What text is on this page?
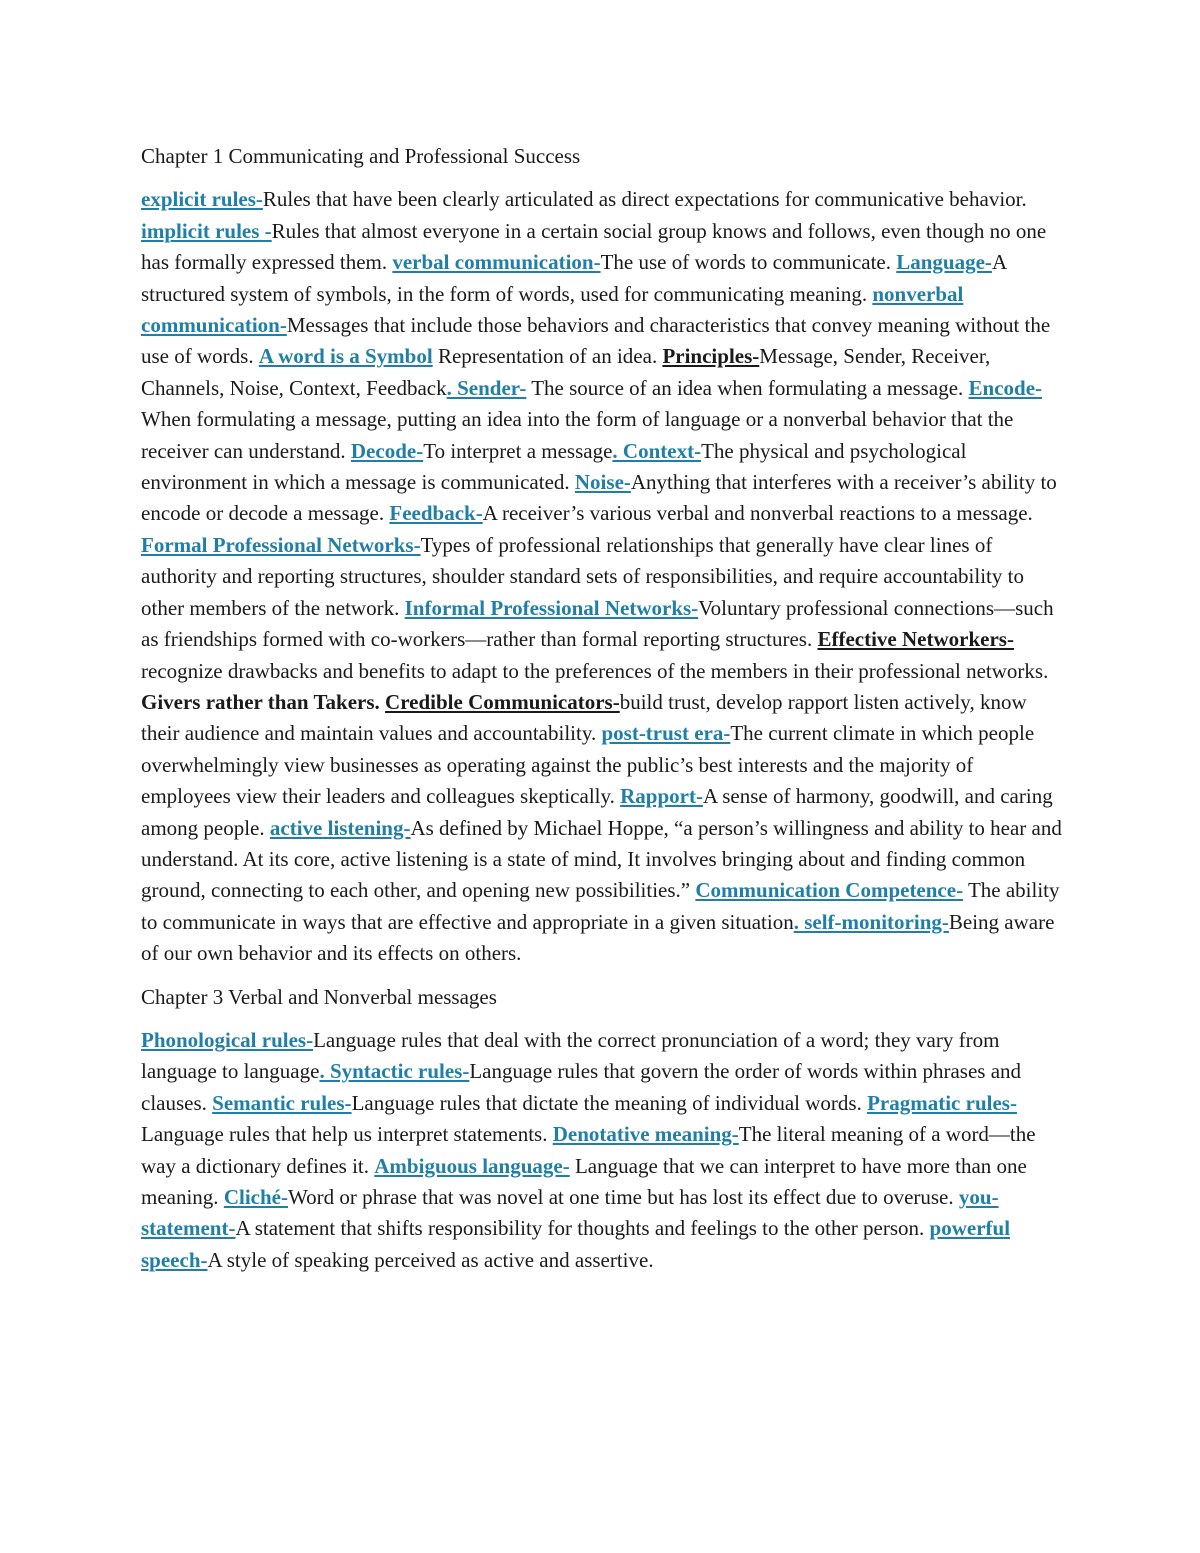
Chapter 1 Communicating and Professional Success

explicit rules-Rules that have been clearly articulated as direct expectations for communicative behavior. implicit rules -Rules that almost everyone in a certain social group knows and follows, even though no one has formally expressed them. verbal communication-The use of words to communicate. Language-A structured system of symbols, in the form of words, used for communicating meaning. nonverbal communication-Messages that include those behaviors and characteristics that convey meaning without the use of words. A word is a Symbol Representation of an idea. Principles-Message, Sender, Receiver, Channels, Noise, Context, Feedback. Sender- The source of an idea when formulating a message. Encode- When formulating a message, putting an idea into the form of language or a nonverbal behavior that the receiver can understand. Decode-To interpret a message. Context-The physical and psychological environment in which a message is communicated. Noise-Anything that interferes with a receiver’s ability to encode or decode a message. Feedback-A receiver’s various verbal and nonverbal reactions to a message. Formal Professional Networks-Types of professional relationships that generally have clear lines of authority and reporting structures, shoulder standard sets of responsibilities, and require accountability to other members of the network. Informal Professional Networks-Voluntary professional connections—such as friendships formed with co-workers—rather than formal reporting structures. Effective Networkers- recognize drawbacks and benefits to adapt to the preferences of the members in their professional networks. Givers rather than Takers. Credible Communicators-build trust, develop rapport listen actively, know their audience and maintain values and accountability. post-trust era-The current climate in which people overwhelmingly view businesses as operating against the public’s best interests and the majority of employees view their leaders and colleagues skeptically. Rapport-A sense of harmony, goodwill, and caring among people. active listening-As defined by Michael Hoppe, “a person’s willingness and ability to hear and understand. At its core, active listening is a state of mind, It involves bringing about and finding common ground, connecting to each other, and opening new possibilities.” Communication Competence- The ability to communicate in ways that are effective and appropriate in a given situation. self-monitoring-Being aware of our own behavior and its effects on others.

Chapter 3 Verbal and Nonverbal messages

Phonological rules-Language rules that deal with the correct pronunciation of a word; they vary from language to language. Syntactic rules-Language rules that govern the order of words within phrases and clauses. Semantic rules-Language rules that dictate the meaning of individual words. Pragmatic rules-Language rules that help us interpret statements. Denotative meaning-The literal meaning of a word—the way a dictionary defines it. Ambiguous language- Language that we can interpret to have more than one meaning. Cliché-Word or phrase that was novel at one time but has lost its effect due to overuse. you-statement-A statement that shifts responsibility for thoughts and feelings to the other person. powerful speech-A style of speaking perceived as active and assertive.
